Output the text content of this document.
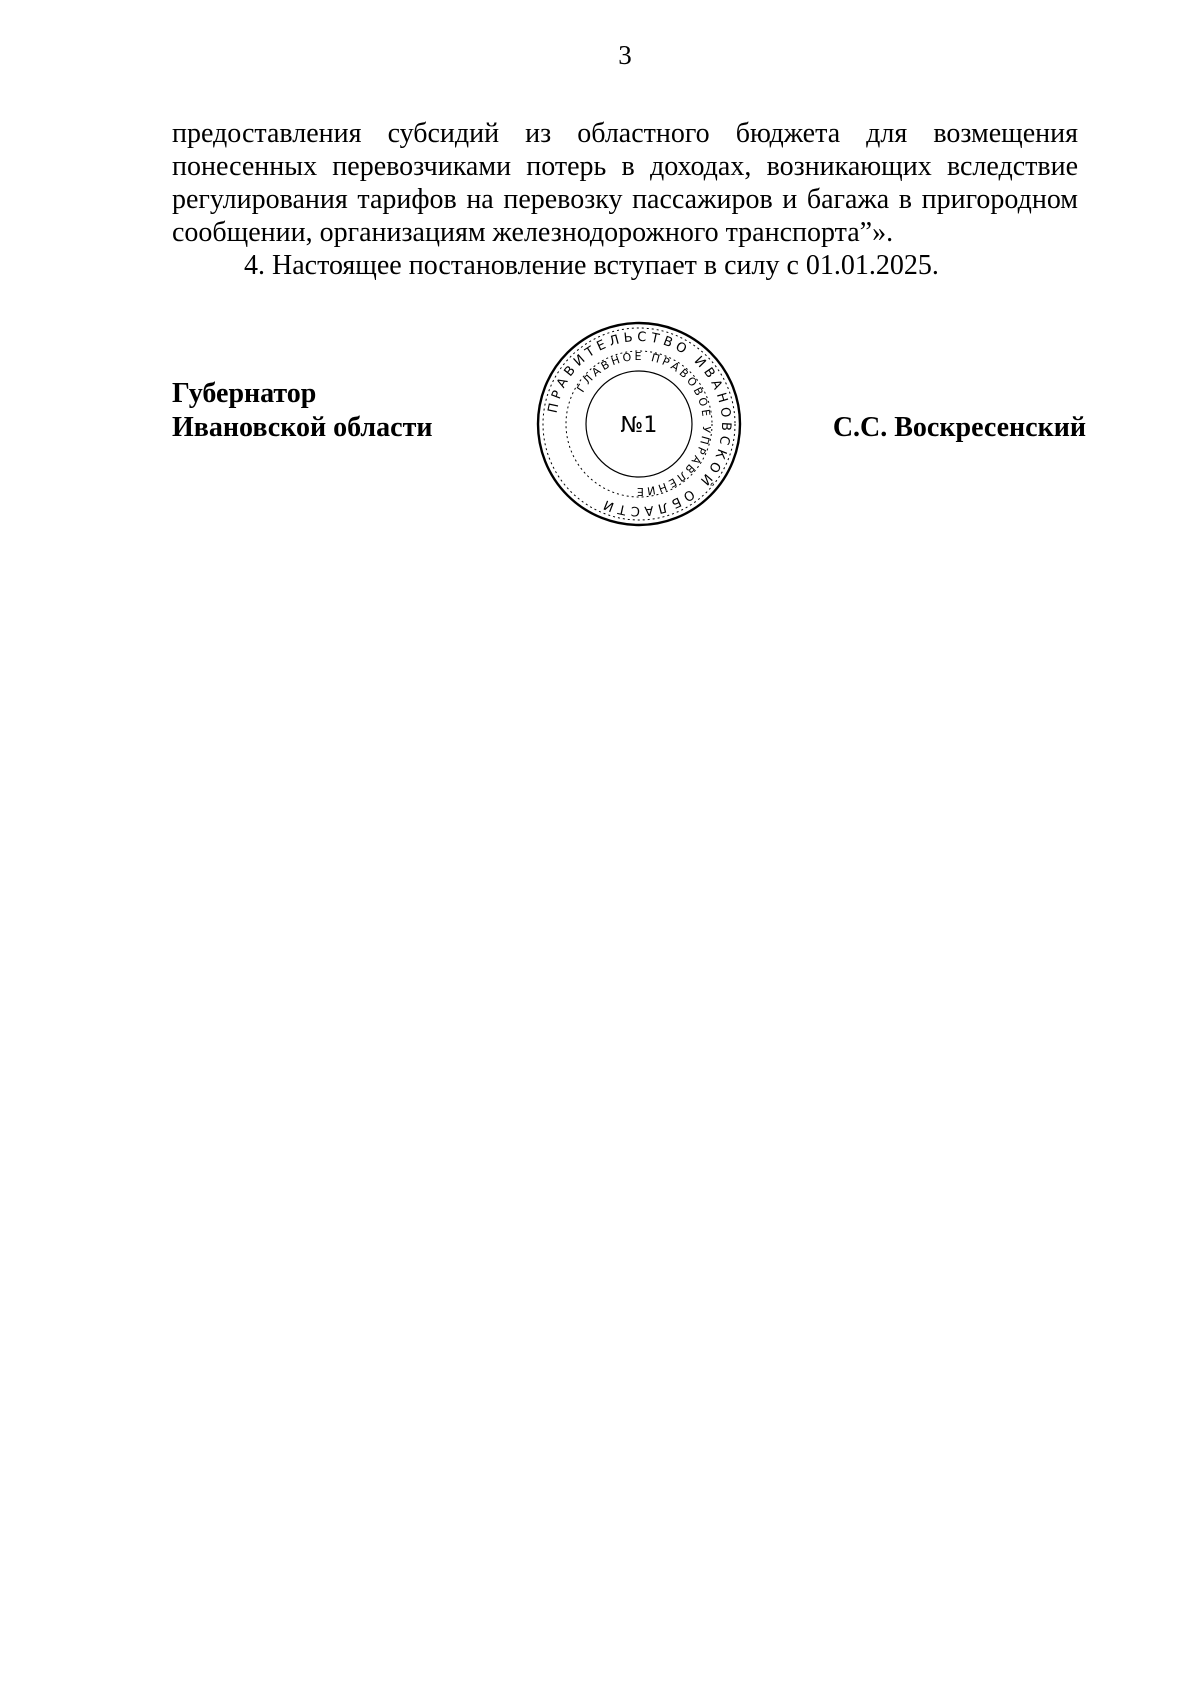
3

предоставления субсидий из областного бюджета для возмещения
понесенных перевозчиками потерь в доходах, возникающих вследствие
регулирования тарифов на перевозку пассажиров и багажа в пригородном
сообщении, организациям железнодорожного транспорта”».

4. Настоящее постановление вступает в силу с 01.01.2025.

Губернатор
Ивановской области
ПРАВИТЕЛЬСТВО ИВАНОВСКОЙ ОБЛАСТИ
ГЛАВНОЕ ПРАВОВОЕ УПРАВЛЕНИЕ
№1	С.С. Воскресенский
